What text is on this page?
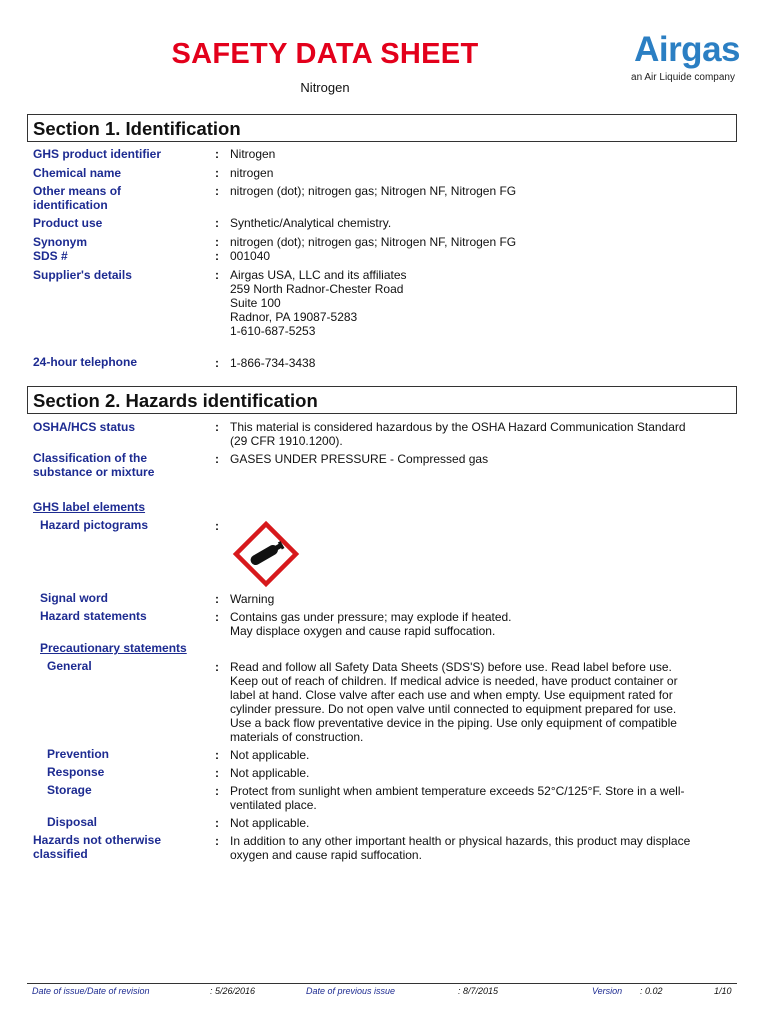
SAFETY DATA SHEET
Nitrogen
Airgas
an Air Liquide company
Section 1. Identification
GHS product identifier	: Nitrogen
Chemical name	: nitrogen
Other means of
identification
: nitrogen (dot); nitrogen gas; Nitrogen NF, Nitrogen FG
Product use	: Synthetic/Analytical chemistry.
Synonym	: nitrogen (dot); nitrogen gas; Nitrogen NF, Nitrogen FG
SDS #	: 001040
Supplier's details	: Airgas USA, LLC and its affiliates
259 North Radnor-Chester Road
Suite 100
Radnor, PA 19087-5283
1-610-687-5253
24-hour telephone	: 1-866-734-3438
Section 2. Hazards identification
OSHA/HCS status	: This material is considered hazardous by the OSHA Hazard Communication Standard
(29 CFR 1910.1200).
Classification of the
substance or mixture
: GASES UNDER PRESSURE - Compressed gas
GHS label elements
Hazard pictograms	:
Signal word	: Warning
Hazard statements	: Contains gas under pressure; may explode if heated.
May displace oxygen and cause rapid suffocation.
Precautionary statements
General	: Read and follow all Safety Data Sheets (SDS'S) before use. Read label before use.
Keep out of reach of children. If medical advice is needed, have product container or
label at hand. Close valve after each use and when empty. Use equipment rated for
cylinder pressure. Do not open valve until connected to equipment prepared for use.
Use a back flow preventative device in the piping. Use only equipment of compatible
materials of construction.
Prevention	: Not applicable.
Response	: Not applicable.
Storage	: Protect from sunlight when ambient temperature exceeds 52°C/125°F. Store in a well-
ventilated place.
Disposal	: Not applicable.
Hazards not otherwise
classified
: In addition to any other important health or physical hazards, this product may displace
oxygen and cause rapid suffocation.
Date of issue/Date of revision	: 5/26/2016	Date of previous issue	: 8/7/2015	Version : 0.02	1/10
